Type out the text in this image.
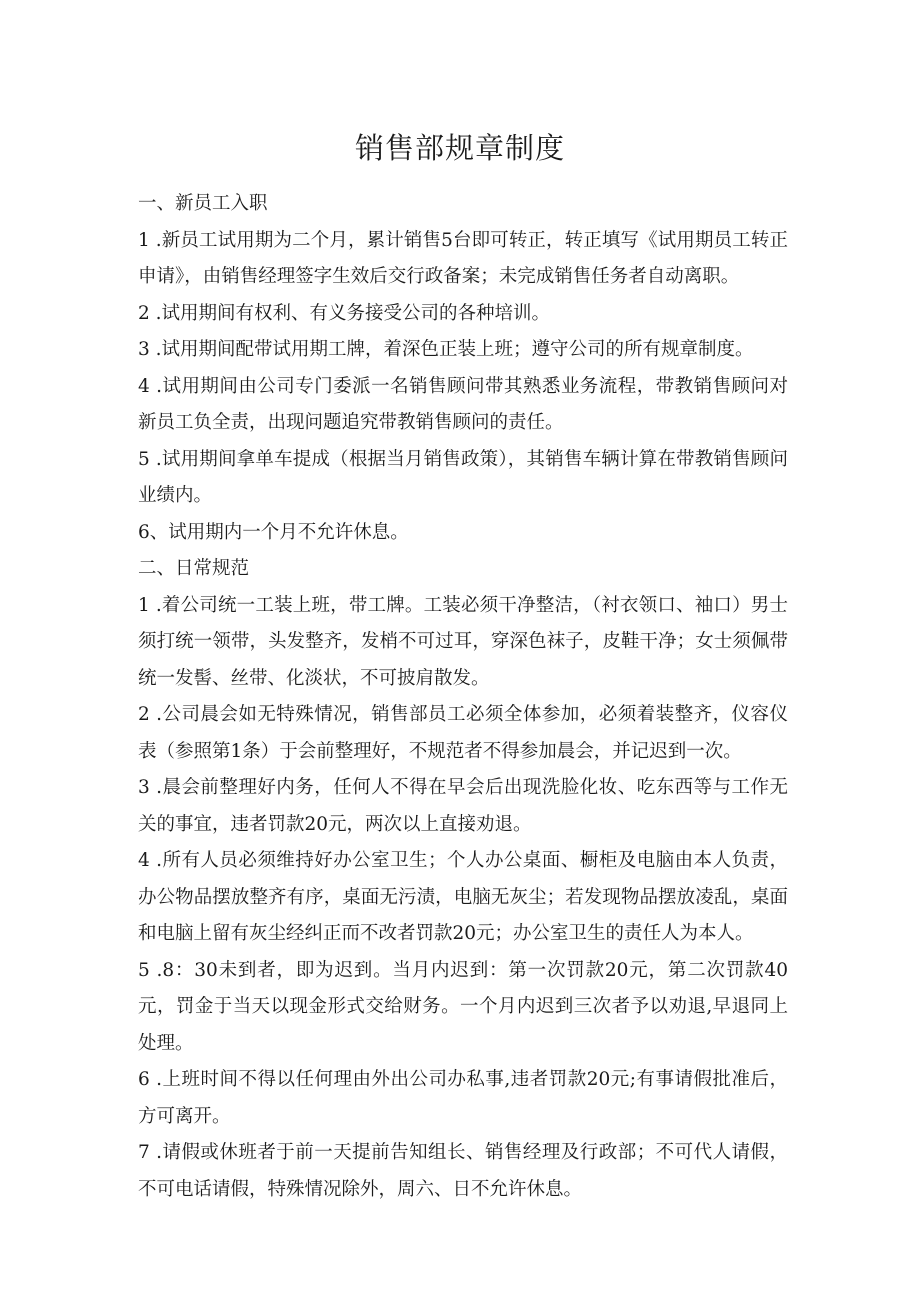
销售部规章制度

一、新员工入职

1 .新员工试用期为二个月，累计销售5台即可转正，转正填写《试用期员工转正申请》，由销售经理签字生效后交行政备案；未完成销售任务者自动离职。

2 .试用期间有权利、有义务接受公司的各种培训。

3 .试用期间配带试用期工牌，着深色正装上班；遵守公司的所有规章制度。

4 .试用期间由公司专门委派一名销售顾问带其熟悉业务流程，带教销售顾问对新员工负全责，出现问题追究带教销售顾问的责任。

5 .试用期间拿单车提成（根据当月销售政策），其销售车辆计算在带教销售顾问业绩内。

6、试用期内一个月不允许休息。

二、日常规范

1 .着公司统一工装上班，带工牌。工装必须干净整洁，（衬衣领口、袖口）男士须打统一领带，头发整齐，发梢不可过耳，穿深色袜子，皮鞋干净；女士须佩带统一发髻、丝带、化淡状，不可披肩散发。

2 .公司晨会如无特殊情况，销售部员工必须全体参加，必须着装整齐，仪容仪表（参照第1条）于会前整理好，不规范者不得参加晨会，并记迟到一次。

3 .晨会前整理好内务，任何人不得在早会后出现洗脸化妆、吃东西等与工作无关的事宜，违者罚款20元，两次以上直接劝退。

4 .所有人员必须维持好办公室卫生；个人办公桌面、橱柜及电脑由本人负责，办公物品摆放整齐有序，桌面无污渍，电脑无灰尘；若发现物品摆放凌乱，桌面和电脑上留有灰尘经纠正而不改者罚款20元；办公室卫生的责任人为本人。

5 .8：30未到者，即为迟到。当月内迟到：第一次罚款20元，第二次罚款40元，罚金于当天以现金形式交给财务。一个月内迟到三次者予以劝退,早退同上处理。

6 .上班时间不得以任何理由外出公司办私事,违者罚款20元;有事请假批准后，方可离开。

7 .请假或休班者于前一天提前告知组长、销售经理及行政部；不可代人请假，不可电话请假，特殊情况除外，周六、日不允许休息。
